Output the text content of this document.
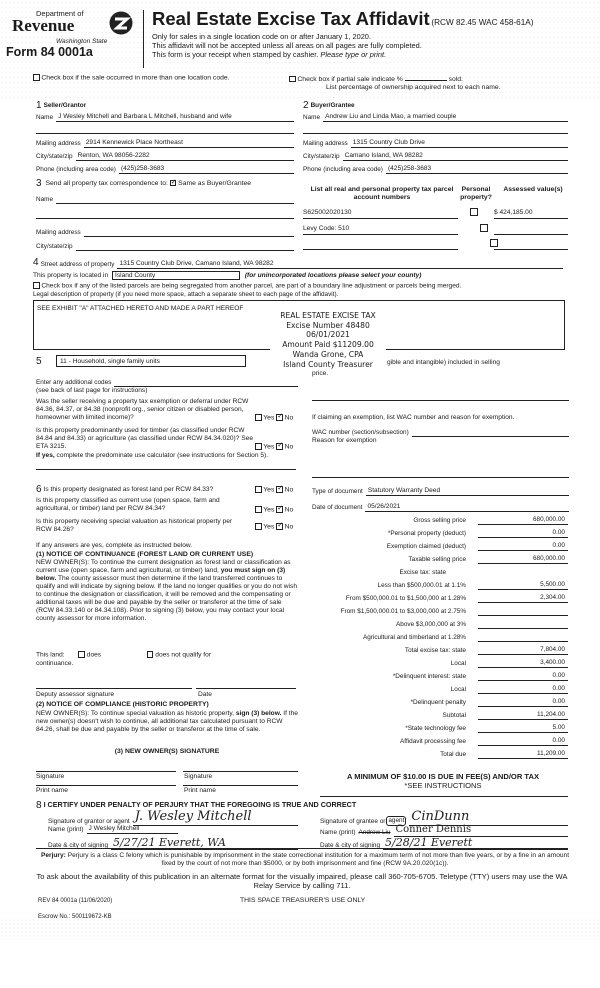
Department of
Revenue
Washington State
Form 84 0001a
Real Estate Excise Tax Affidavit (RCW 82.45 WAC 458-61A)
Only for sales in a single location code on or after January 1, 2020.
This affidavit will not be accepted unless all areas on all pages are fully completed.
This form is your receipt when stamped by cashier. Please type or print.
Check box if the sale occurred in more than one location code.	Check box if partial sale indicate %	sold.
List percentage of ownership acquired next to each name.
1 Seller/Grantor
Name J Wesley Mitchell and Barbara L Mitchell, husband and wife
Mailing address 2914 Kennewick Place Northeast
City/state/zip Renton, WA 98056-2282
Phone (including area code) (425)258-3683
3 Send all property tax correspondence to: ✓ Same as Buyer/Grantee
Name
Mailing address
City/state/zip
2 Buyer/Grantee
Name Andrew Liu and Linda Mao, a married couple
Mailing address 1315 Country Club Drive
City/state/zip Camano Island, WA 98282
Phone (including area code) (425)258-3683
List all real and personal property tax parcel account numbers
Personal property?
Assessed value(s)
S6250020201​30
	$ 424,185.00
Levy Code: 510

4 Street address of property 1315 Country Club Drive, Camano Island, WA 98282
This property is located in Island County	(for unincorporated locations please select your county)
Check box if any of the listed parcels are being segregated from another parcel, are part of a boundary line adjustment or parcels being merged.
Legal description of property (if you need more space, attach a separate sheet to each page of the affidavit).
SEE EXHIBIT "A" ATTACHED HERETO AND MADE A PART HEREOF
REAL ESTATE EXCISE TAX
Excise Number 48480
06/01/2021
Amount Paid $11209.00
Wanda Grone, CPA
Island County Treasurer
5	11 - Household, single family units	gible and intangible) included in selling
price.
Enter any additional codes
(see back of last page for instructions)
Was the seller receiving a property tax exemption or deferral under RCW 84.36, 84.37, or 84.38 (nonprofit org., senior citizen or disabled person, homeowner with limited income)?	Yes ✓ No
Is this property predominantly used for timber (as classified under RCW 84.84 and 84.33) or agriculture (as classified under RCW 84.34.020)? See ETA 3215.	Yes ✓ No
If yes, complete the predominate use calculator (see instructions for Section 5).
If claiming an exemption, list WAC number and reason for exemption.
WAC number (section/subsection)
Reason for exemption
6 Is this property designated as forest land per RCW 84.33?	Yes ✓ No
Is this property classified as current use (open space, farm and agricultural, or timber) land per RCW 84.34?	Yes ✓ No
Is this property receiving special valuation as historical property per RCW 84.26?	Yes ✓ No
If any answers are yes, complete as instructed below.
(1) NOTICE OF CONTINUANCE (FOREST LAND OR CURRENT USE)
NEW OWNER(S): To continue the current designation as forest land or classification as current use (open space, farm and agricultural, or timber) land, you must sign on (3) below. The county assessor must then determine if the land transferred continues to qualify and will indicate by signing below. If the land no longer qualifies or you do not wish to continue the designation or classification, it will be removed and the compensating or additional taxes will be due and payable by the seller or transferor at the time of sale (RCW 84.33.140 or 84.34.108). Prior to signing (3) below, you may contact your local county assessor for more information.
This land:	does	does not qualify for
continuance.
Deputy assessor signature	Date
(2) NOTICE OF COMPLIANCE (HISTORIC PROPERTY)
NEW OWNER(S): To continue special valuation as historic property, sign (3) below. If the new owner(s) doesn't wish to continue, all additional tax calculated pursuant to RCW 84.26, shall be due and payable by the seller or transferor at the time of sale.
(3) NEW OWNER(S) SIGNATURE
Signature	Signature
Print name	Print name
Type of document Statutory Warranty Deed
Date of document 05/26/2021
Gross selling price	680,000.00
*Personal property (deduct)	0.00
Exemption claimed (deduct)	0.00
Taxable selling price	680,000.00
Excise tax: state
Less than $500,000.01 at 1.1%	5,500.00
From $500,000.01 to $1,500,000 at 1.28%	2,304.00
From $1,500,000.01 to $3,000,000 at 2.75%
Above $3,000,000 at 3%
Agricultural and timberland at 1.28%
Total excise tax: state	7,804.00
Local	3,400.00
*Delinquent interest: state	0.00
Local	0.00
*Delinquent penalty	0.00
Subtotal	11,204.00
*State technology fee	5.00
Affidavit processing fee	0.00
Total due	11,209.00
A MINIMUM OF $10.00 IS DUE IN FEE(S) AND/OR TAX
*SEE INSTRUCTIONS
8 I CERTIFY UNDER PENALTY OF PERJURY THAT THE FOREGOING IS TRUE AND CORRECT
Signature of grantor or agent J. Wesley Mitchell
Name (print) J Wesley Mitchell
Date & city of signing 5/27/21 Everett, WA
Signature of grantee or agent CinDunn
Name (print) Andrew Liu Conner Dennis
Date & city of signing 5/28/21 Everett
Perjury: Perjury is a class C felony which is punishable by imprisonment in the state correctional institution for a maximum term of not more than five years, or by a fine in an amount fixed by the court of not more than $5000, or by both imprisonment and fine (RCW 9A.20.020(1c)).
To ask about the availability of this publication in an alternate format for the visually impaired, please call 360-705-6705. Teletype (TTY) users may use the WA Relay Service by calling 711.
REV 84 0001a (11/06/2020)	THIS SPACE TREASURER'S USE ONLY
Escrow No.: 500119672-KB
